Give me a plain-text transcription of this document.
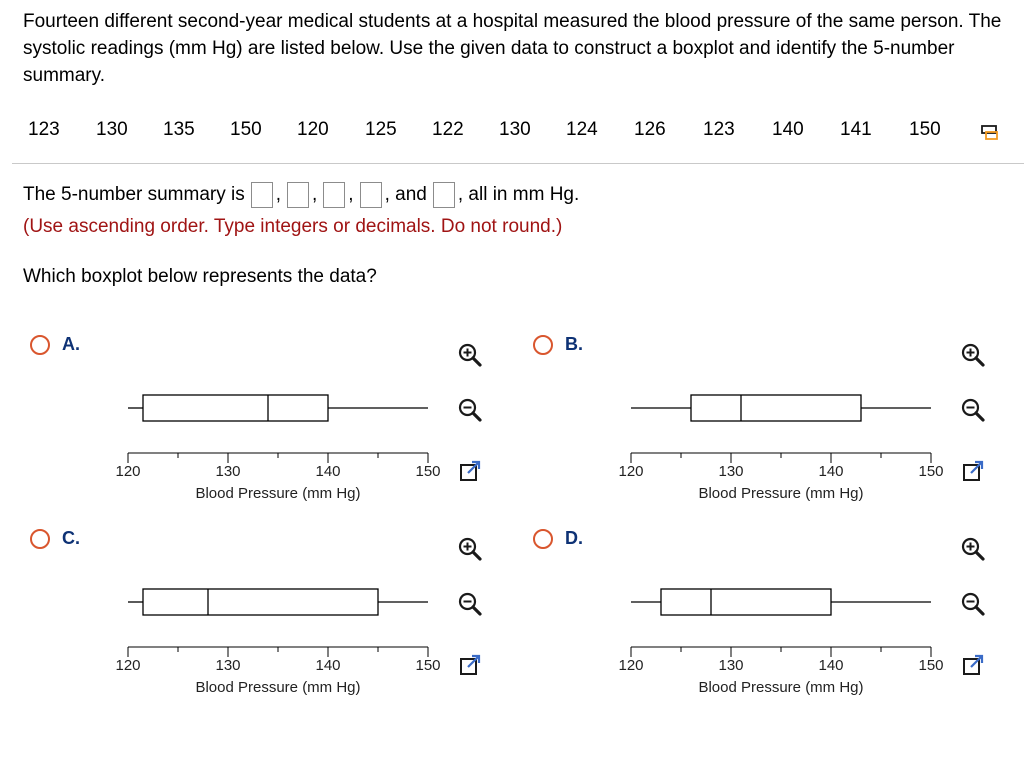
Fourteen different second-year medical students at a hospital measured the blood pressure of the same person. The systolic readings (mm Hg) are listed below. Use the given data to construct a boxplot and identify the 5-number summary.

123 130 135 150 120 125 122 130 124 126 123 140 141 150
The 5-number summary is , , , , and , all in mm Hg.
(Use ascending order. Type integers or decimals. Do not round.)
Which boxplot below represents the data?
A.
120	130	140	150
Blood Pressure (mm Hg)
B.
120	130	140	150
Blood Pressure (mm Hg)
C.
120	130	140	150
Blood Pressure (mm Hg)
D.
120	130	140	150
Blood Pressure (mm Hg)
